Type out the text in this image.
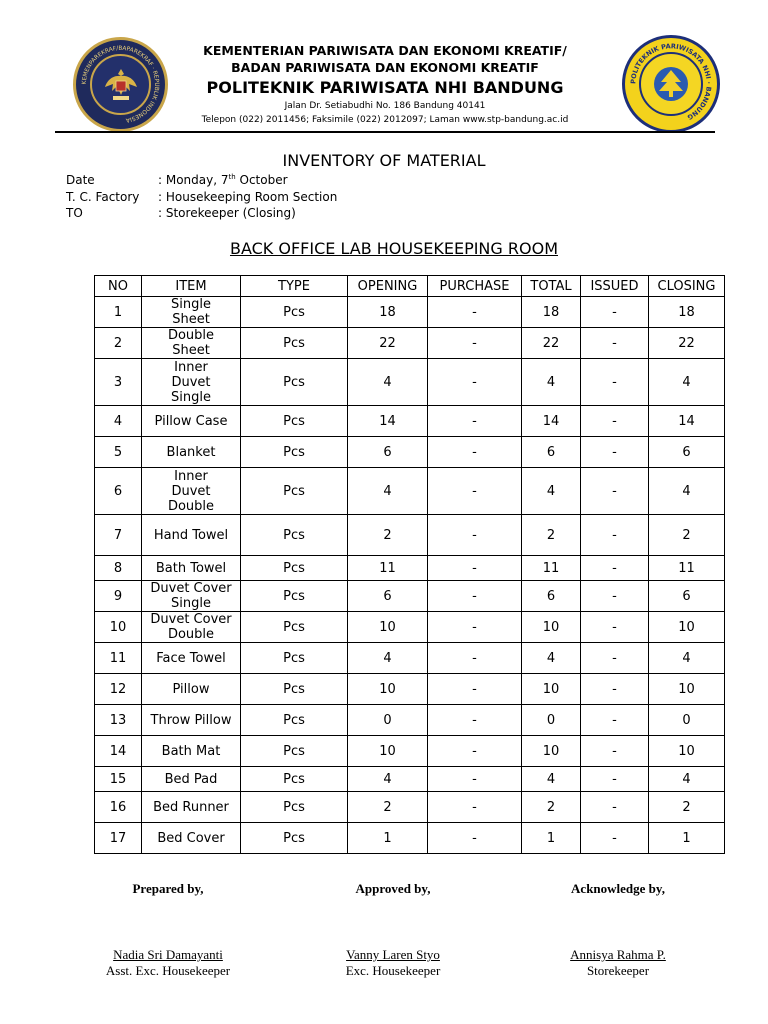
KEMENPAREKRAF/BAPAREKRAF · REPUBLIK INDONESIA
POLITEKNIK PARIWISATA NHI · BANDUNG
KEMENTERIAN PARIWISATA DAN EKONOMI KREATIF/
BADAN PARIWISATA DAN EKONOMI KREATIF
POLITEKNIK PARIWISATA NHI BANDUNG
Jalan Dr. Setiabudhi No. 186 Bandung 40141
Telepon (022) 2011456; Faksimile (022) 2012097; Laman www.stp-bandung.ac.id
INVENTORY OF MATERIAL
Date	: Monday, 7th October
T. C. Factory	: Housekeeping Room Section
TO	: Storekeeper (Closing)
BACK OFFICE LAB HOUSEKEEPING ROOM
NO	ITEM	TYPE	OPENING	PURCHASE	TOTAL	ISSUED	CLOSING
1	Single
Sheet	Pcs	18	-	18	-	18
2	Double
Sheet	Pcs	22	-	22	-	22
3	Inner
Duvet
Single	Pcs	4	-	4	-	4
4	Pillow Case	Pcs	14	-	14	-	14
5	Blanket	Pcs	6	-	6	-	6
6	Inner
Duvet
Double	Pcs	4	-	4	-	4
7	Hand Towel	Pcs	2	-	2	-	2
8	Bath Towel	Pcs	11	-	11	-	11
9	Duvet Cover
Single	Pcs	6	-	6	-	6
10	Duvet Cover
Double	Pcs	10	-	10	-	10
11	Face Towel	Pcs	4	-	4	-	4
12	Pillow	Pcs	10	-	10	-	10
13	Throw Pillow	Pcs	0	-	0	-	0
14	Bath Mat	Pcs	10	-	10	-	10
15	Bed Pad	Pcs	4	-	4	-	4
16	Bed Runner	Pcs	2	-	2	-	2
17	Bed Cover	Pcs	1	-	1	-	1
Prepared by,
Nadia Sri Damayanti
Asst. Exc. Housekeeper
Approved by,
Vanny Laren Styo
Exc. Housekeeper
Acknowledge by,
Annisya Rahma P.
Storekeeper
